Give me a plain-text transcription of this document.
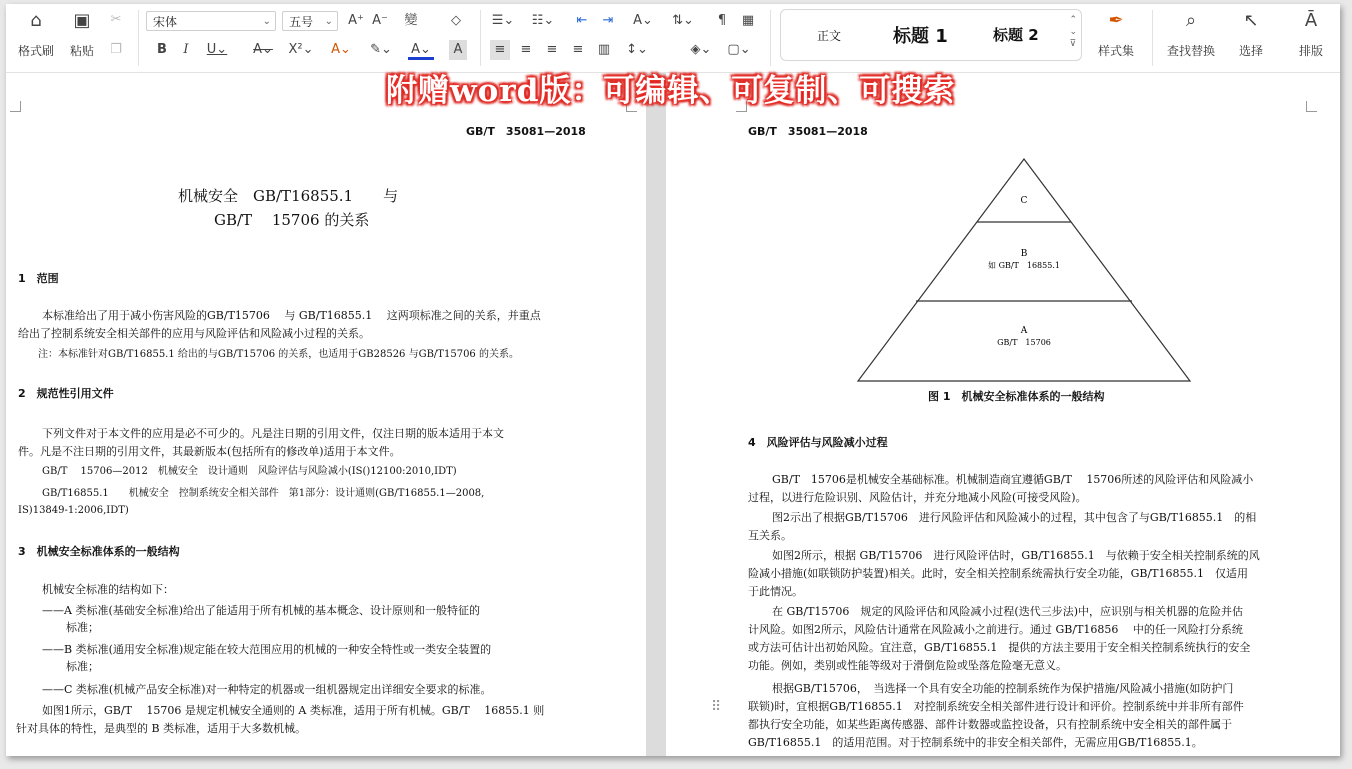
⌂
格式刷
▣
粘贴
✂
❐
宋体	⌄	五号 ⌄ A⁺ A⁻	變	◇
B	I	U⌄ A⌄ X²⌄ A⌄ ✎⌄ A⌄	A
☰⌄ ☷⌄	⇤	⇥	A⌄ ⇅⌄	¶	▦
≡	≡	≡	≡	▥ ↕⌄	◈⌄ ▢⌄
正文	标题 1	标题 2
⌃
⌄
⊽
✒
样式集
⌕
查找替换
↖
选择
Ā
排版
GB/T　35081—2018
机械安全　GB/T16855.1　　与
GB/T　 15706 的关系
1　范围
本标准给出了用于减小伤害风险的GB/T15706　 与 GB/T16855.1　 这两项标准之间的关系，并重点
给出了控制系统安全相关部件的应用与风险评估和风险减小过程的关系。
注：本标准针对GB/T16855.1 给出的与GB/T15706 的关系，也适用于GB28526 与GB/T15706 的关系。
2　规范性引用文件
下列文件对于本文件的应用是必不可少的。凡是注日期的引用文件，仅注日期的版本适用于本文
件。凡是不注日期的引用文件，其最新版本(包括所有的修改单)适用于本文件。
GB/T　 15706—2012　机械安全　设计通则　风险评估与风险减小(IS()12100:2010,IDT)
GB/T16855.1　　机械安全　控制系统安全相关部件　第1部分：设计通则(GB/T16855.1—2008,
IS)13849-1:2006,IDT)
3　机械安全标准体系的一般结构
机械安全标准的结构如下：
——A 类标准(基础安全标准)给出了能适用于所有机械的基本概念、设计原则和一般特征的
标准；
——B 类标准(通用安全标准)规定能在较大范围应用的机械的一种安全特性或一类安全装置的
标准；
——C 类标准(机械产品安全标准)对一种特定的机器或一组机器规定出详细安全要求的标准。
如图1所示，GB/T　 15706 是规定机械安全通则的 A 类标准，适用于所有机械。GB/T　 16855.1 则
针对具体的特性，是典型的 B 类标准，适用于大多数机械。
GB/T　35081—2018
C
B
如 GB/T　16855.1
A
GB/T　15706
图 1　机械安全标准体系的一般结构
4　风险评估与风险减小过程
GB/T　15706是机械安全基础标准。机械制造商宜遵循GB/T　 15706所述的风险评估和风险减小
过程，以进行危险识别、风险估计，并充分地减小风险(可接受风险)。
图2示出了根据GB/T15706　进行风险评估和风险减小的过程，其中包含了与GB/T16855.1　的相
互关系。
如图2所示，根据 GB/T15706　进行风险评估时，GB/T16855.1　与依赖于安全相关控制系统的风
险减小措施(如联锁防护装置)相关。此时，安全相关控制系统需执行安全功能，GB/T16855.1　仅适用
于此情况。
在 GB/T15706　规定的风险评估和风险减小过程(迭代三步法)中，应识别与相关机器的危险并估
计风险。如图2所示，风险估计通常在风险减小之前进行。通过 GB/T16856　 中的任一风险打分系统
或方法可估计出初始风险。宜注意，GB/T16855.1　提供的方法主要用于安全相关控制系统执行的安全
功能。例如，类别或性能等级对于滑倒危险或坠落危险毫无意义。
根据GB/T15706，　当选择一个具有安全功能的控制系统作为保护措施/风险减小措施(如防护门
联锁)时，宜根据GB/T16855.1　对控制系统安全相关部件进行设计和评价。控制系统中并非所有部件
都执行安全功能，如某些距离传感器、部件计数器或监控设备，只有控制系统中安全相关的部件属于
GB/T16855.1　的适用范围。对于控制系统中的非安全相关部件，无需应用GB/T16855.1。
⠿
附赠word版：可编辑、可复制、可搜索
